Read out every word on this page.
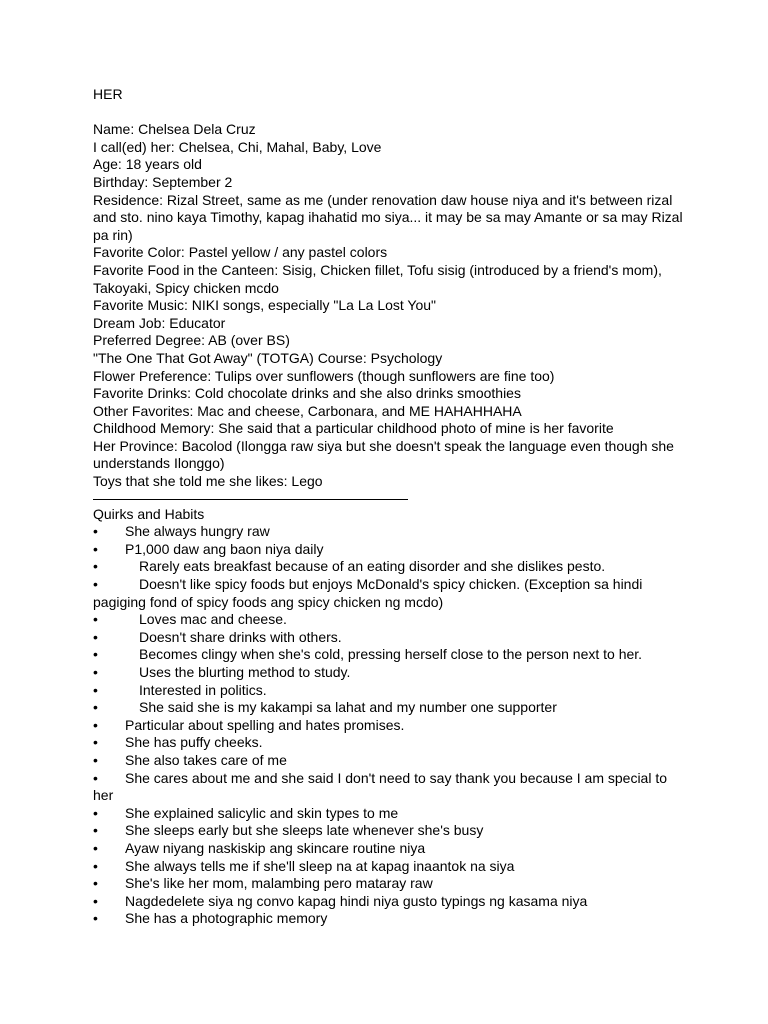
HER
Name: Chelsea Dela Cruz
I call(ed) her: Chelsea, Chi, Mahal, Baby, Love
Age: 18 years old
Birthday: September 2
Residence: Rizal Street, same as me (under renovation daw house niya and it's between rizal and sto. nino kaya Timothy, kapag ihahatid mo siya... it may be sa may Amante or sa may Rizal pa rin)
Favorite Color: Pastel yellow / any pastel colors
Favorite Food in the Canteen: Sisig, Chicken fillet, Tofu sisig (introduced by a friend's mom), Takoyaki, Spicy chicken mcdo
Favorite Music: NIKI songs, especially "La La Lost You"
Dream Job: Educator
Preferred Degree: AB (over BS)
"The One That Got Away" (TOTGA) Course: Psychology
Flower Preference: Tulips over sunflowers (though sunflowers are fine too)
Favorite Drinks: Cold chocolate drinks and she also drinks smoothies
Other Favorites: Mac and cheese, Carbonara, and ME HAHAHHAHA
Childhood Memory: She said that a particular childhood photo of mine is her favorite
Her Province: Bacolod (Ilongga raw siya but she doesn't speak the language even though she understands Ilonggo)
Toys that she told me she likes: Lego
Quirks and Habits
• She always hungry raw
• P1,000 daw ang baon niya daily
•	Rarely eats breakfast because of an eating disorder and she dislikes pesto.
•	Doesn't like spicy foods but enjoys McDonald's spicy chicken. (Exception sa hindi pagiging fond of spicy foods ang spicy chicken ng mcdo)
•	Loves mac and cheese.
•	Doesn't share drinks with others.
•	Becomes clingy when she's cold, pressing herself close to the person next to her.
•	Uses the blurting method to study.
•	Interested in politics.
•	She said she is my kakampi sa lahat and my number one supporter
• Particular about spelling and hates promises.
• She has puffy cheeks.
• She also takes care of me
• She cares about me and she said I don't need to say thank you because I am special to her
• She explained salicylic and skin types to me
• She sleeps early but she sleeps late whenever she's busy
• Ayaw niyang naskiskip ang skincare routine niya
• She always tells me if she'll sleep na at kapag inaantok na siya
• She's like her mom, malambing pero mataray raw
• Nagdedelete siya ng convo kapag hindi niya gusto typings ng kasama niya
• She has a photographic memory
